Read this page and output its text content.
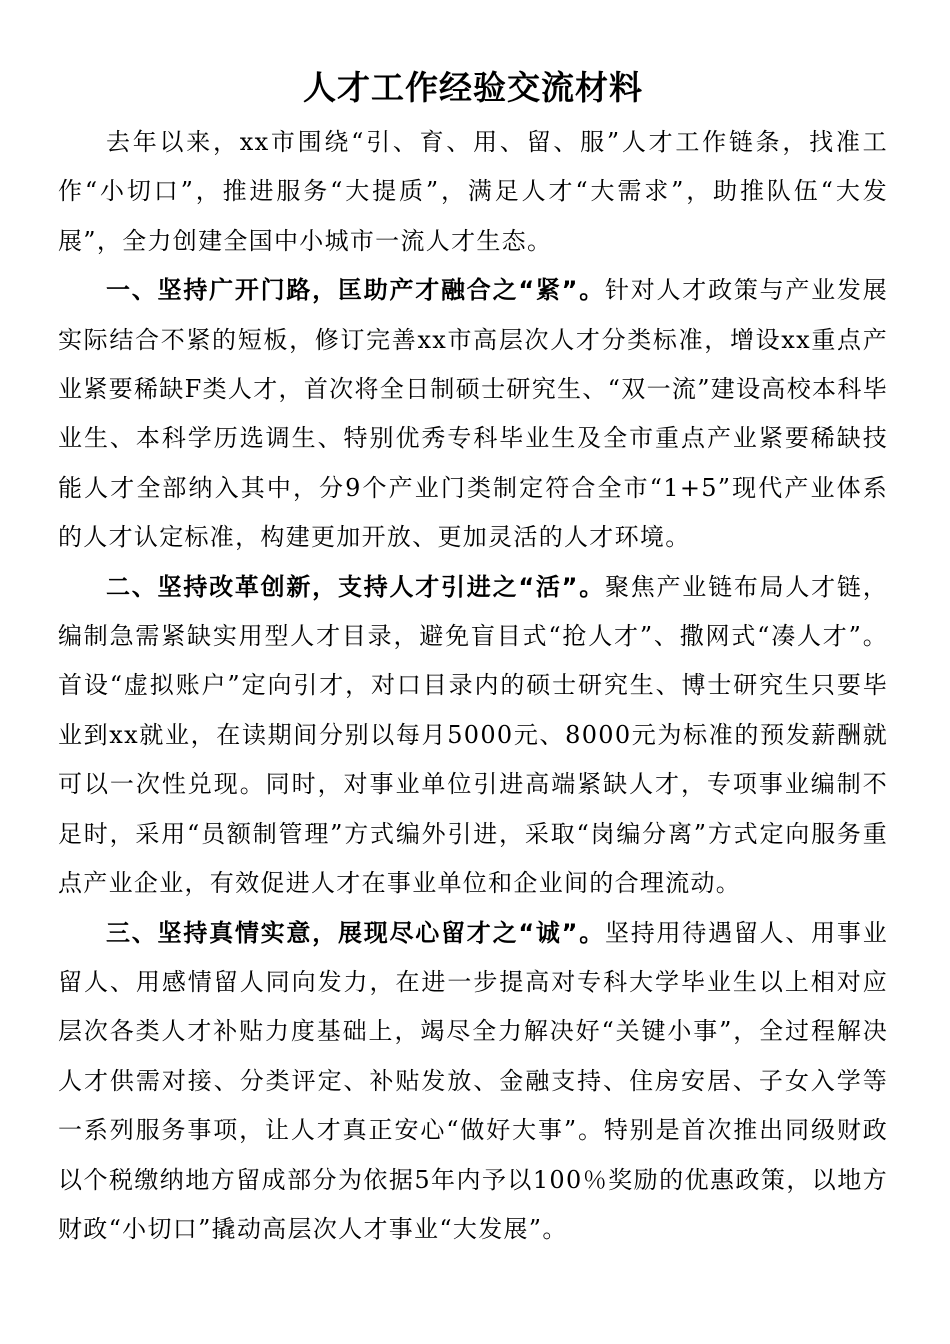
人才工作经验交流材料

去年以来，xx市围绕“引、育、用、留、服”人才工作链条，找准工作“小切口”，推进服务“大提质”，满足人才“大需求”，助推队伍“大发展”，全力创建全国中小城市一流人才生态。

一、坚持广开门路，匡助产才融合之“紧”。针对人才政策与产业发展实际结合不紧的短板，修订完善xx市高层次人才分类标准，增设xx重点产业紧要稀缺F类人才，首次将全日制硕士研究生、“双一流”建设高校本科毕业生、本科学历选调生、特别优秀专科毕业生及全市重点产业紧要稀缺技能人才全部纳入其中，分9个产业门类制定符合全市“1+5”现代产业体系的人才认定标准，构建更加开放、更加灵活的人才环境。

二、坚持改革创新，支持人才引进之“活”。聚焦产业链布局人才链，编制急需紧缺实用型人才目录，避免盲目式“抢人才”、撒网式“凑人才”。首设“虚拟账户”定向引才，对口目录内的硕士研究生、博士研究生只要毕业到xx就业，在读期间分别以每月5000元、8000元为标准的预发薪酬就可以一次性兑现。同时，对事业单位引进高端紧缺人才，专项事业编制不足时，采用“员额制管理”方式编外引进，采取“岗编分离”方式定向服务重点产业企业，有效促进人才在事业单位和企业间的合理流动。

三、坚持真情实意，展现尽心留才之“诚”。坚持用待遇留人、用事业留人、用感情留人同向发力，在进一步提高对专科大学毕业生以上相对应层次各类人才补贴力度基础上，竭尽全力解决好“关键小事”，全过程解决人才供需对接、分类评定、补贴发放、金融支持、住房安居、子女入学等一系列服务事项，让人才真正安心“做好大事”。特别是首次推出同级财政以个税缴纳地方留成部分为依据5年内予以100％奖励的优惠政策，以地方财政“小切口”撬动高层次人才事业“大发展”。
